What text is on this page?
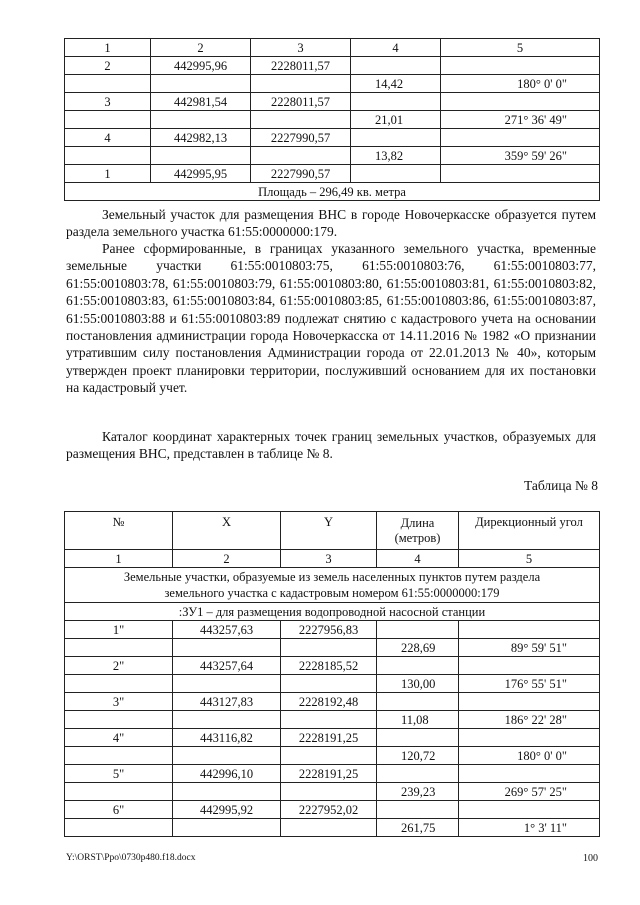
1	2	3	4	5
2	442995,96	2228011,57		
			14,42	180° 0' 0"
3	442981,54	2228011,57		
			21,01	271° 36' 49"
4	442982,13	2227990,57		
			13,82	359° 59' 26"
1	442995,95	2227990,57		
Площадь – 296,49 кв. метра				

Земельный участок для размещения ВНС в городе Новочеркасске образуется путем раздела земельного участка 61:55:0000000:179.

Ранее сформированные, в границах указанного земельного участка, временные земельные участки 61:55:0010803:75, 61:55:0010803:76, 61:55:0010803:77, 61:55:0010803:78, 61:55:0010803:79, 61:55:0010803:80, 61:55:0010803:81, 61:55:0010803:82, 61:55:0010803:83, 61:55:0010803:84, 61:55:0010803:85, 61:55:0010803:86, 61:55:0010803:87, 61:55:0010803:88 и 61:55:0010803:89 подлежат снятию с кадастрового учета на основании постановления администрации города Новочеркасска от 14.11.2016 № 1982 «О признании утратившим силу постановления Администрации города от 22.01.2013 № 40», которым утвержден проект планировки территории, послуживший основанием для их постановки на кадастровый учет.

Каталог координат характерных точек границ земельных участков, образуемых для размещения ВНС, представлен в таблице № 8.

Таблица № 8
№	X	Y	Длина (метров)	Дирекционный угол
1	2	3	4	5
Земельные участки, образуемые из земель населенных пунктов путем раздела земельного участка с кадастровым номером 61:55:0000000:179				
:ЗУ1 – для размещения водопроводной насосной станции				
1"	443257,63	2227956,83		
			228,69	89° 59' 51"
2"	443257,64	2228185,52		
			130,00	176° 55' 51"
3"	443127,83	2228192,48		
			11,08	186° 22' 28"
4"	443116,82	2228191,25		
			120,72	180° 0' 0"
5"	442996,10	2228191,25		
			239,23	269° 57' 25"
6"	442995,92	2227952,02		
			261,75	1° 3' 11"
Y:\ORST\Ppo\0730p480.f18.docx	100
